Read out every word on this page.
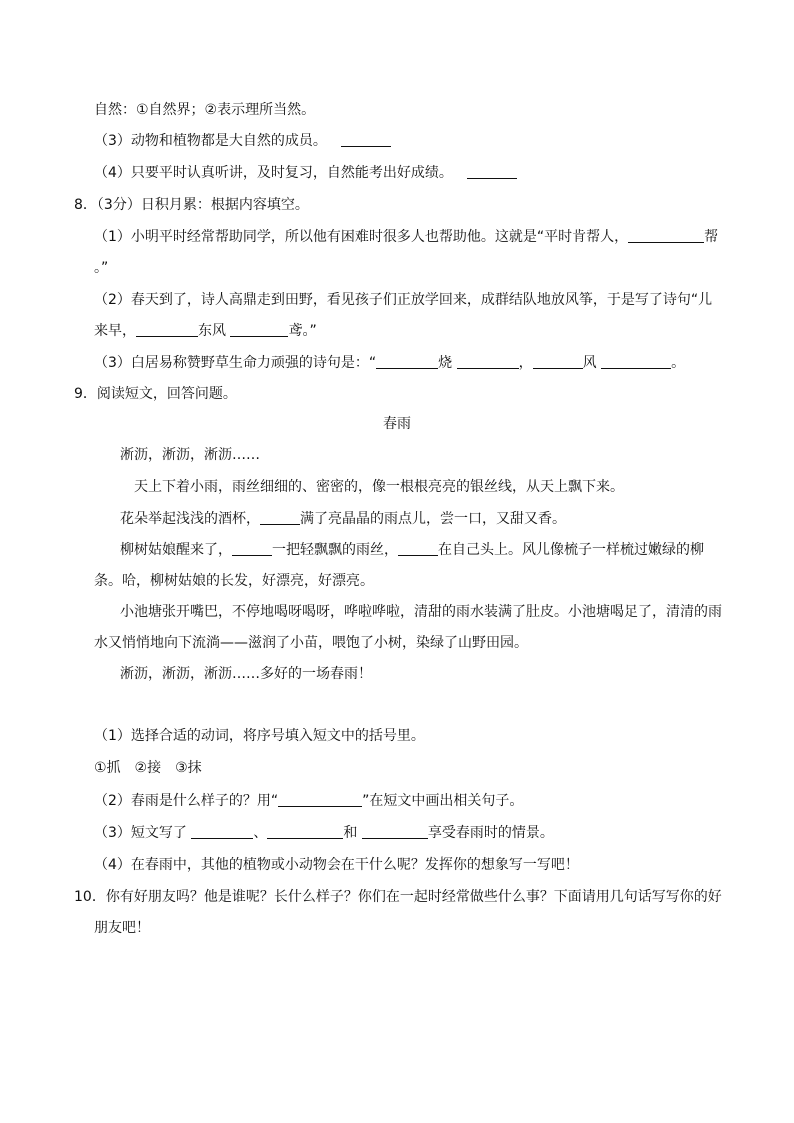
自然：①自然界；②表示理所当然。
（3）动物和植物都是大自然的成员。
（4）只要平时认真听讲，及时复习，自然能考出好成绩。
8．（3分）日积月累：根据内容填空。
（1）小明平时经常帮助同学，所以他有困难时很多人也帮助他。这就是“平时肯帮人，	帮
。”
（2）春天到了，诗人高鼎走到田野，看见孩子们正放学回来，成群结队地放风筝，于是写了诗句“儿
来早，	东风	鸢。”
（3）白居易称赞野草生命力顽强的诗句是：“	烧	，	风	。
9．阅读短文，回答问题。
春雨
淅沥，淅沥，淅沥……
天上下着小雨，雨丝细细的、密密的，像一根根亮亮的银丝线，从天上飘下来。
花朵举起浅浅的酒杯，	满了亮晶晶的雨点儿，尝一口，又甜又香。
柳树姑娘醒来了，	一把轻飘飘的雨丝，	在自己头上。风儿像梳子一样梳过嫩绿的柳
条。哈，柳树姑娘的长发，好漂亮，好漂亮。
小池塘张开嘴巴，不停地喝呀喝呀，哗啦哗啦，清甜的雨水装满了肚皮。小池塘喝足了，清清的雨
水又悄悄地向下流淌——滋润了小苗，喂饱了小树，染绿了山野田园。
淅沥，淅沥，淅沥……多好的一场春雨！
（1）选择合适的动词，将序号填入短文中的括号里。
①抓　②接　③抹
（2）春雨是什么样子的？用“	”在短文中画出相关句子。
（3）短文写了	、	和	享受春雨时的情景。
（4）在春雨中，其他的植物或小动物会在干什么呢？发挥你的想象写一写吧！
10．你有好朋友吗？他是谁呢？长什么样子？你们在一起时经常做些什么事？下面请用几句话写写你的好
朋友吧！
